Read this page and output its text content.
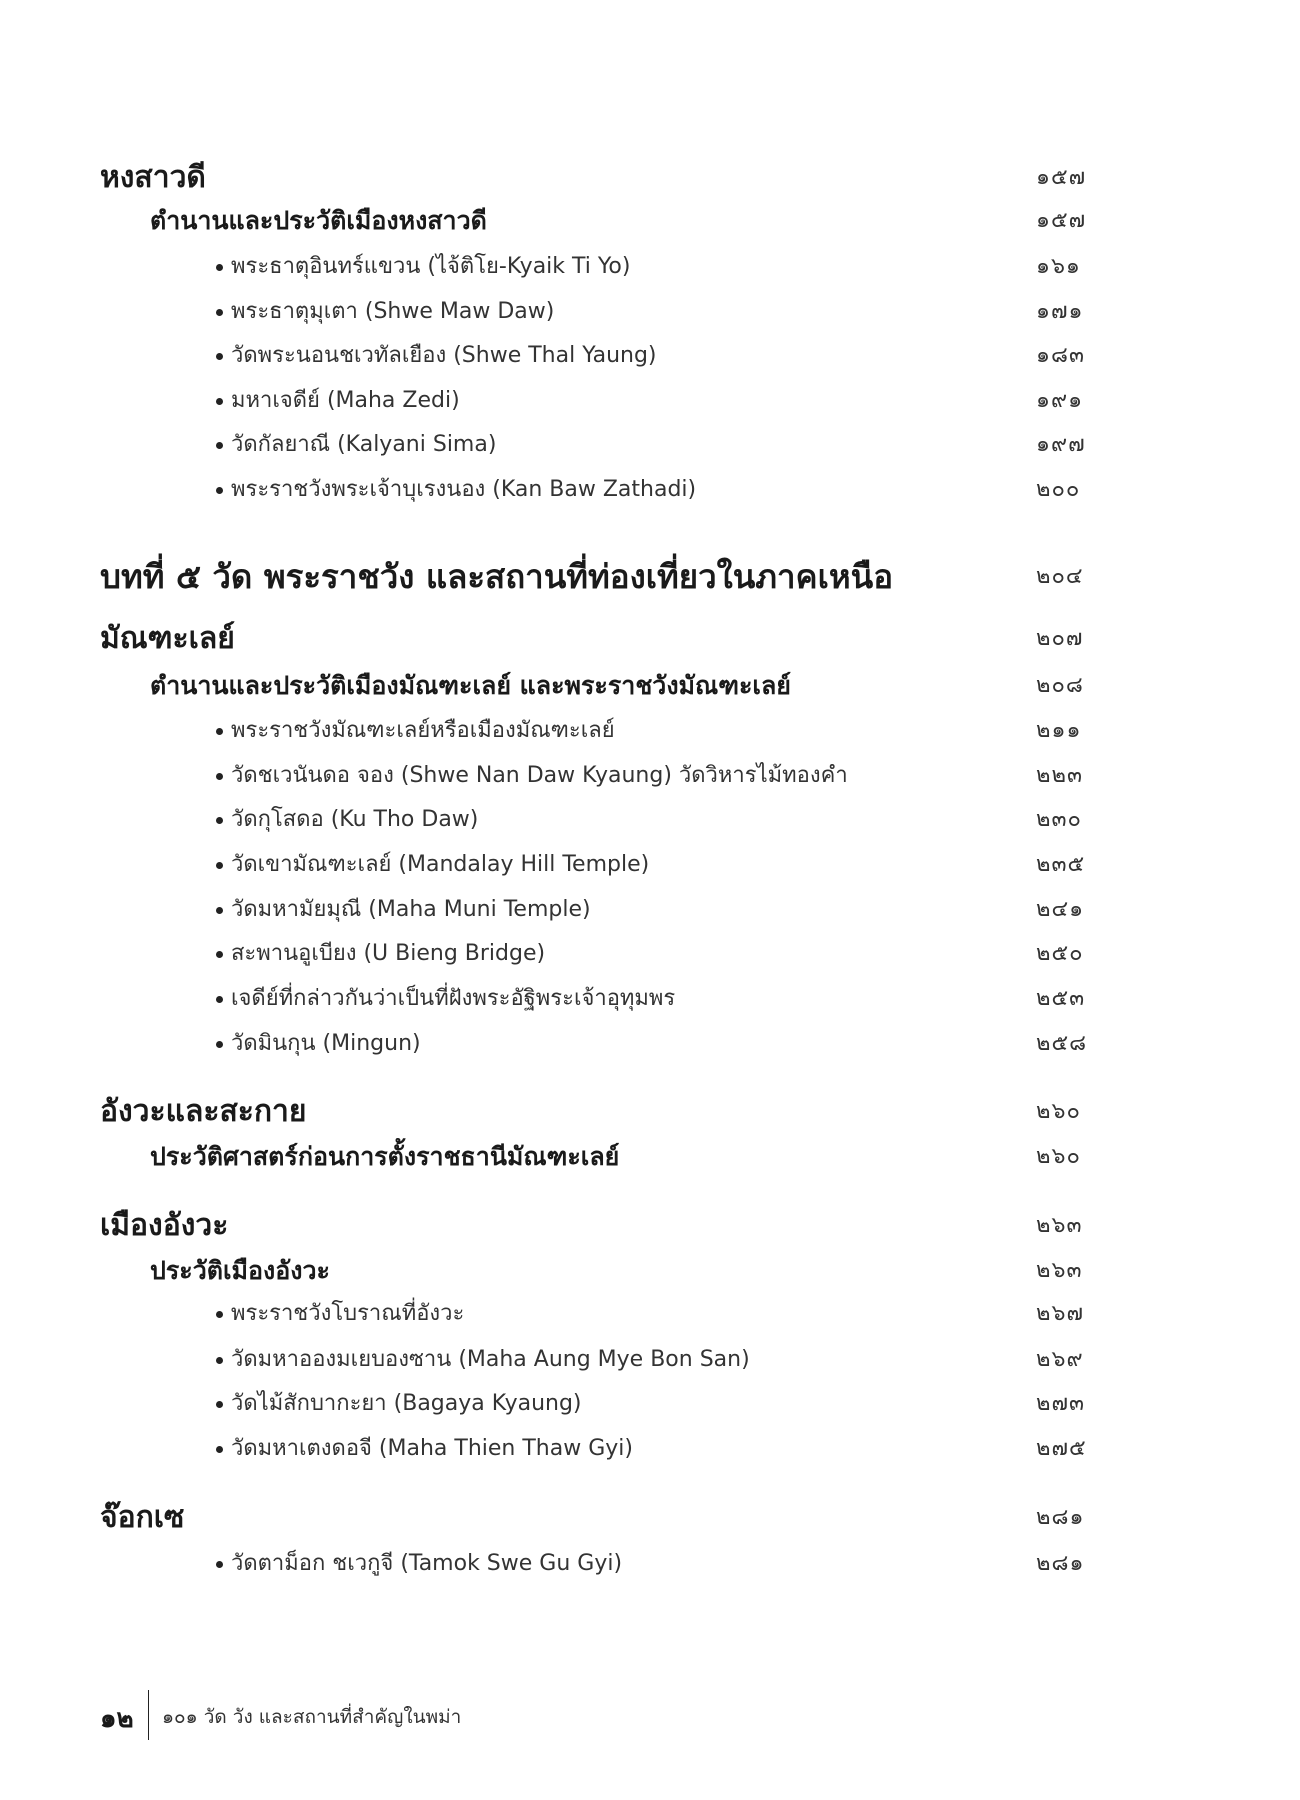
หงสาวดี	๑๕๗
ตำนานและประวัติเมืองหงสาวดี	๑๕๗
พระธาตุอินทร์แขวน (ไจ้ติโย-Kyaik Ti Yo)	๑๖๑
พระธาตุมุเตา (Shwe Maw Daw)	๑๗๑
วัดพระนอนชเวทัลเยือง (Shwe Thal Yaung)	๑๘๓
มหาเจดีย์ (Maha Zedi)	๑๙๑
วัดกัลยาณี (Kalyani Sima)	๑๙๗
พระราชวังพระเจ้าบุเรงนอง (Kan Baw Zathadi)	๒๐๐
บทที่ ๕ วัด พระราชวัง และสถานที่ท่องเที่ยวในภาคเหนือ	๒๐๔
มัณฑะเลย์	๒๐๗
ตำนานและประวัติเมืองมัณฑะเลย์ และพระราชวังมัณฑะเลย์	๒๐๘
พระราชวังมัณฑะเลย์หรือเมืองมัณฑะเลย์	๒๑๑
วัดชเวนันดอ จอง (Shwe Nan Daw Kyaung) วัดวิหารไม้ทองคำ	๒๒๓
วัดกุโสดอ (Ku Tho Daw)	๒๓๐
วัดเขามัณฑะเลย์ (Mandalay Hill Temple)	๒๓๕
วัดมหามัยมุณี (Maha Muni Temple)	๒๔๑
สะพานอูเบียง (U Bieng Bridge)	๒๕๐
เจดีย์ที่กล่าวกันว่าเป็นที่ฝังพระอัฐิพระเจ้าอุทุมพร	๒๕๓
วัดมินกุน (Mingun)	๒๕๘
อังวะและสะกาย	๒๖๐
ประวัติศาสตร์ก่อนการตั้งราชธานีมัณฑะเลย์	๒๖๐
เมืองอังวะ	๒๖๓
ประวัติเมืองอังวะ	๒๖๓
พระราชวังโบราณที่อังวะ	๒๖๗
วัดมหาอองมเยบองซาน (Maha Aung Mye Bon San)	๒๖๙
วัดไม้สักบากะยา (Bagaya Kyaung)	๒๗๓
วัดมหาเตงดอจี (Maha Thien Thaw Gyi)	๒๗๕
จ๊อกเซ	๒๘๑
วัดตาม็อก ชเวกูจี (Tamok Swe Gu Gyi)	๒๘๑
๑๒ ๑๐๑ วัด วัง และสถานที่สำคัญในพม่า
